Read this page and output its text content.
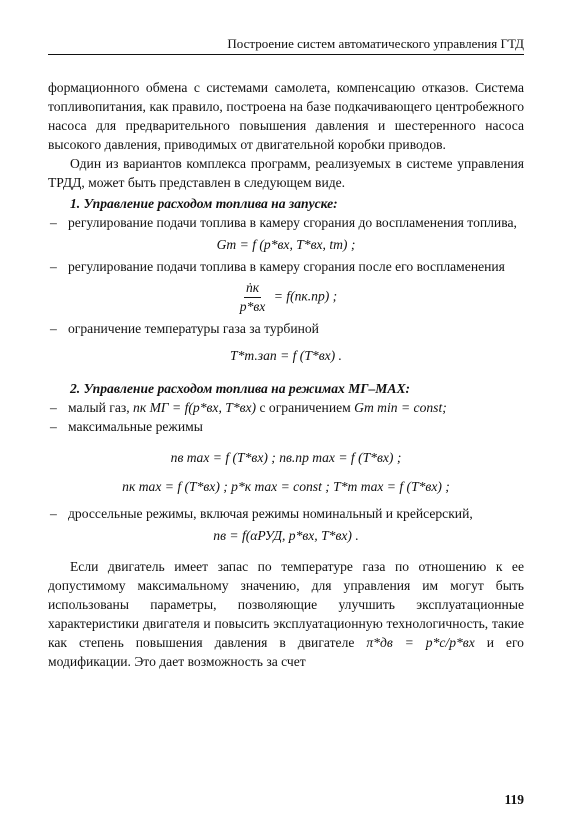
Построение систем автоматического управления ГТД

формационного обмена с системами самолета, компенсацию отказов. Система топливопитания, как правило, построена на базе подкачивающего центробежного насоса для предварительного повышения давления и шестеренного насоса высокого давления, приводимых от двигательной коробки приводов.

Один из вариантов комплекса программ, реализуемых в системе управления ТРДД, может быть представлен в следующем виде.

1. Управление расходом топлива на запуске:

– регулирование подачи топлива в камеру сгорания до воспламенения топлива,
Gт = f (p*вх, T*вх, tт) ;
– регулирование подачи топлива в камеру сгорания после его воспламенения
$\frac{\text{ṅк}}{p*вх} = f(nк.пр)$ ;
– ограничение температуры газа за турбиной
T*т.зап = f (T*вх) .

2. Управление расходом топлива на режимах МГ–МАХ:

– малый газ, nк МГ = f(p*вх, T*вх) с ограничением Gт min = const;
– максимальные режимы
nв max = f (T*вх) ; nв.пр max = f (T*вх) ;
nк max = f (T*вх) ; p*к max = const ; T*т max = f (T*вх) ;
– дроссельные режимы, включая режимы номинальный и крейсерский,
nв = f(αРУД, p*вх, T*вх) .

Если двигатель имеет запас по температуре газа по отношению к ее допустимому максимальному значению, для управления им могут быть использованы параметры, позволяющие улучшить эксплуатационные характеристики двигателя и повысить эксплуатационную технологичность, такие как степень повышения давления в двигателе π*дв = p*с/p*вх и его модификации. Это дает возможность за счет

119
